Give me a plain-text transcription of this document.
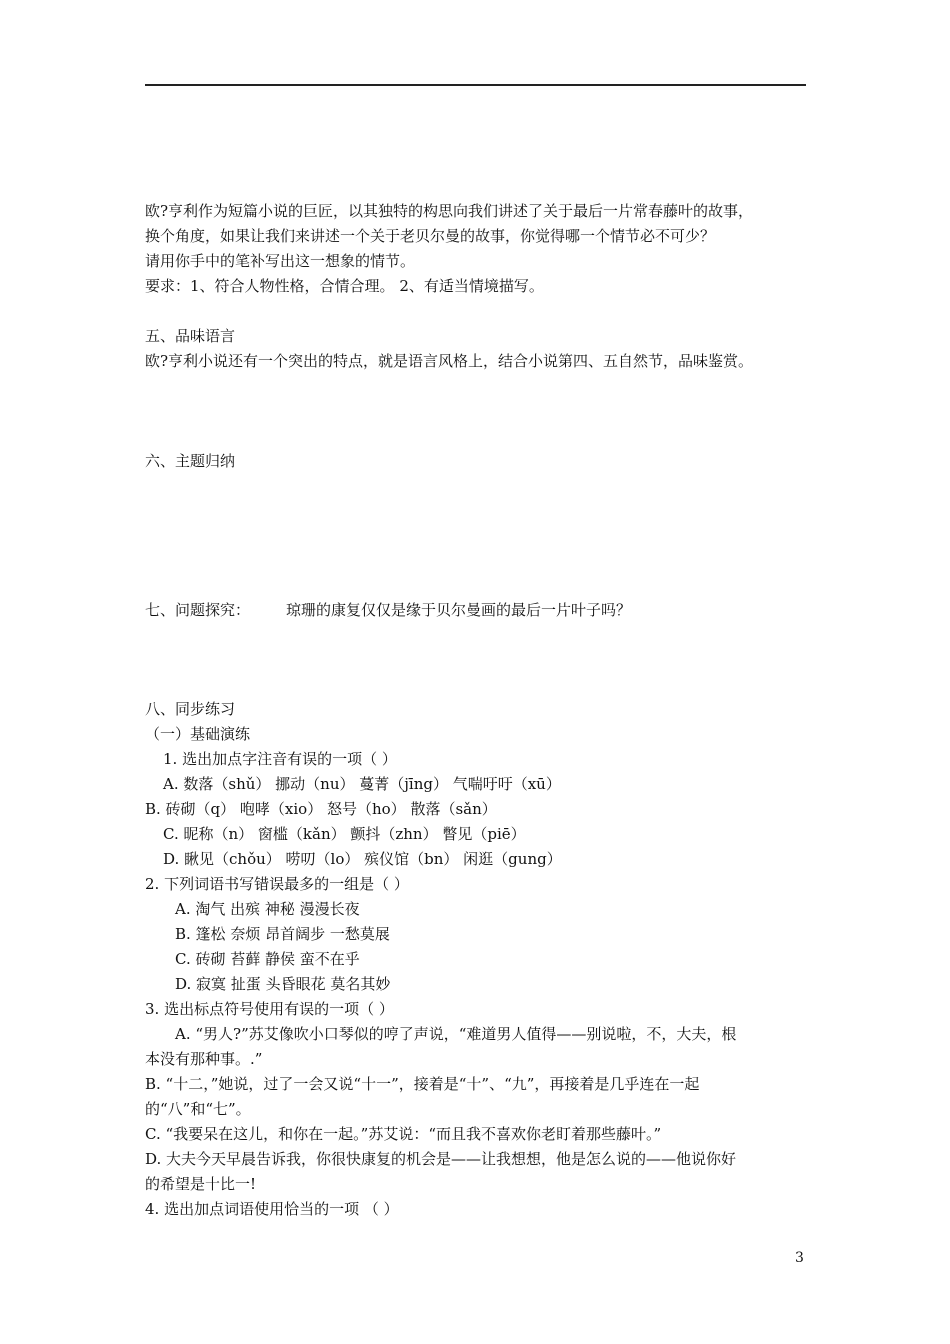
欧?亨利作为短篇小说的巨匠，以其独特的构思向我们讲述了关于最后一片常春藤叶的故事，
换个角度，如果让我们来讲述一个关于老贝尔曼的故事，你觉得哪一个情节必不可少？
请用你手中的笔补写出这一想象的情节。
要求：1、符合人物性格，合情合理。 2、有适当情境描写。
五、品味语言
欧?亨利小说还有一个突出的特点，就是语言风格上，结合小说第四、五自然节，品味鉴赏。
六、主题归纳
七、问题探究： 琼珊的康复仅仅是缘于贝尔曼画的最后一片叶子吗？
八、同步练习
（一）基础演练
1. 选出加点字注音有误的一项（ ）
A. 数落（shǔ） 挪动（nu） 蔓菁（jīng） 气喘吁吁（xū）
B. 砖砌（q） 咆哮（xio） 怒号（ho） 散落（sǎn）
C. 昵称（n） 窗槛（kǎn） 颤抖（zhn） 瞥见（piē）
D. 瞅见（chǒu） 唠叨（lo） 殡仪馆（bn） 闲逛（gung）
2. 下列词语书写错误最多的一组是（ ）
A. 淘气 出殡 神秘 漫漫长夜
B. 篷松 奈烦 昂首阔步 一愁莫展
C. 砖砌 苔藓 静侯 蛮不在乎
D. 寂寞 扯蛋 头昏眼花 莫名其妙
3. 选出标点符号使用有误的一项（ ）
A. “男人?”苏艾像吹小口琴似的哼了声说，“难道男人值得——别说啦，不，大夫，根
本没有那种事。.”
B. “十二，”她说，过了一会又说“十一”，接着是“十”、“九”，再接着是几乎连在一起
的“八”和“七”。
C. “我要呆在这儿，和你在一起。”苏艾说：“而且我不喜欢你老盯着那些藤叶。”
D. 大夫今天早晨告诉我，你很快康复的机会是——让我想想，他是怎么说的——他说你好
的希望是十比一!
4. 选出加点词语使用恰当的一项 （ ）
3
